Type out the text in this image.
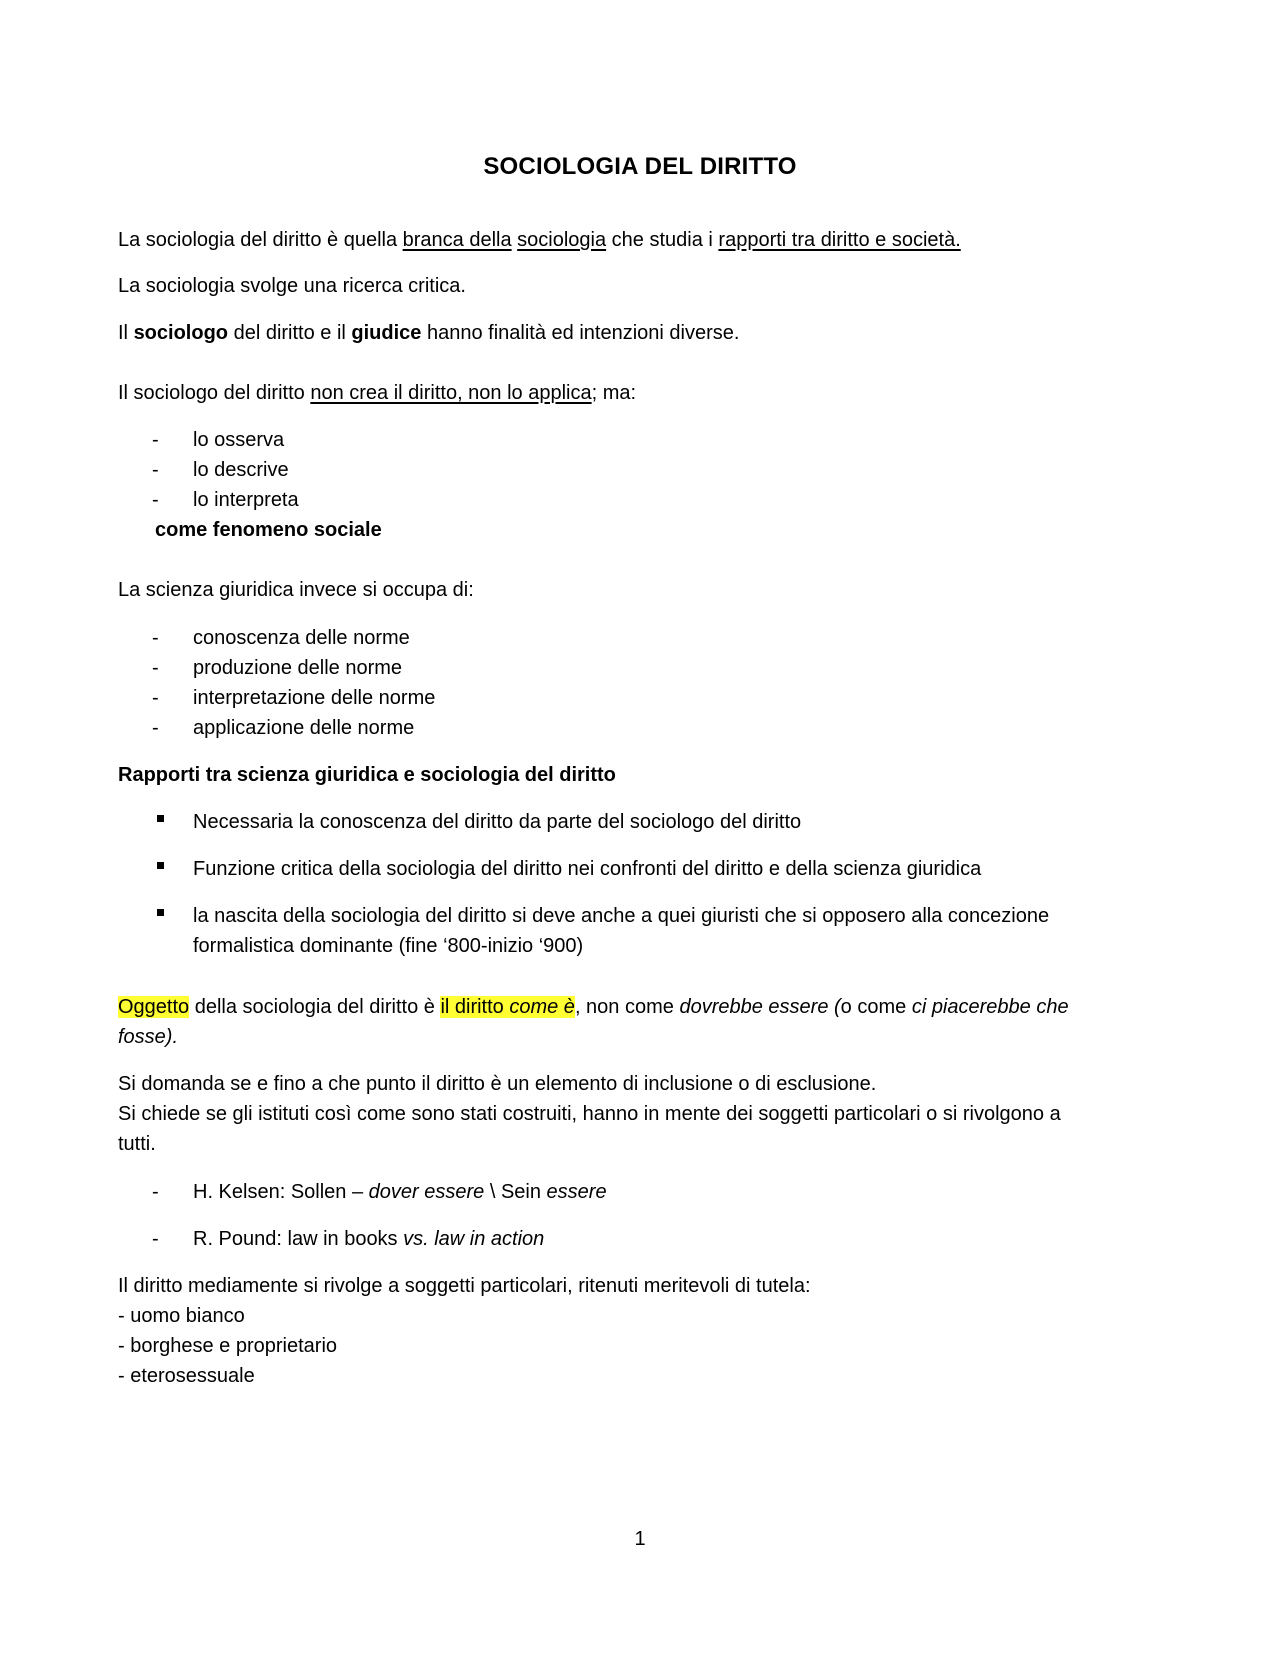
SOCIOLOGIA DEL DIRITTO
La sociologia del diritto è quella branca della sociologia che studia i rapporti tra diritto e società.
La sociologia svolge una ricerca critica.
Il sociologo del diritto e il giudice hanno finalità ed intenzioni diverse.
Il sociologo del diritto non crea il diritto, non lo applica; ma:
- lo osserva
- lo descrive
- lo interpreta
come fenomeno sociale
La scienza giuridica invece si occupa di:
- conoscenza delle norme
- produzione delle norme
- interpretazione delle norme
- applicazione delle norme
Rapporti tra scienza giuridica e sociologia del diritto
Necessaria la conoscenza del diritto da parte del sociologo del diritto
Funzione critica della sociologia del diritto nei confronti del diritto e della scienza giuridica
la nascita della sociologia del diritto si deve anche a quei giuristi che si opposero alla concezione
formalistica dominante (fine ‘800-inizio ‘900)
Oggetto della sociologia del diritto è il diritto come è, non come dovrebbe essere (o come ci piacerebbe che
fosse).
Si domanda se e fino a che punto il diritto è un elemento di inclusione o di esclusione.
Si chiede se gli istituti così come sono stati costruiti, hanno in mente dei soggetti particolari o si rivolgono a
tutti.
- H. Kelsen: Sollen – dover essere \ Sein essere
- R. Pound: law in books vs. law in action
Il diritto mediamente si rivolge a soggetti particolari, ritenuti meritevoli di tutela:
- uomo bianco
- borghese e proprietario
- eterosessuale
1
